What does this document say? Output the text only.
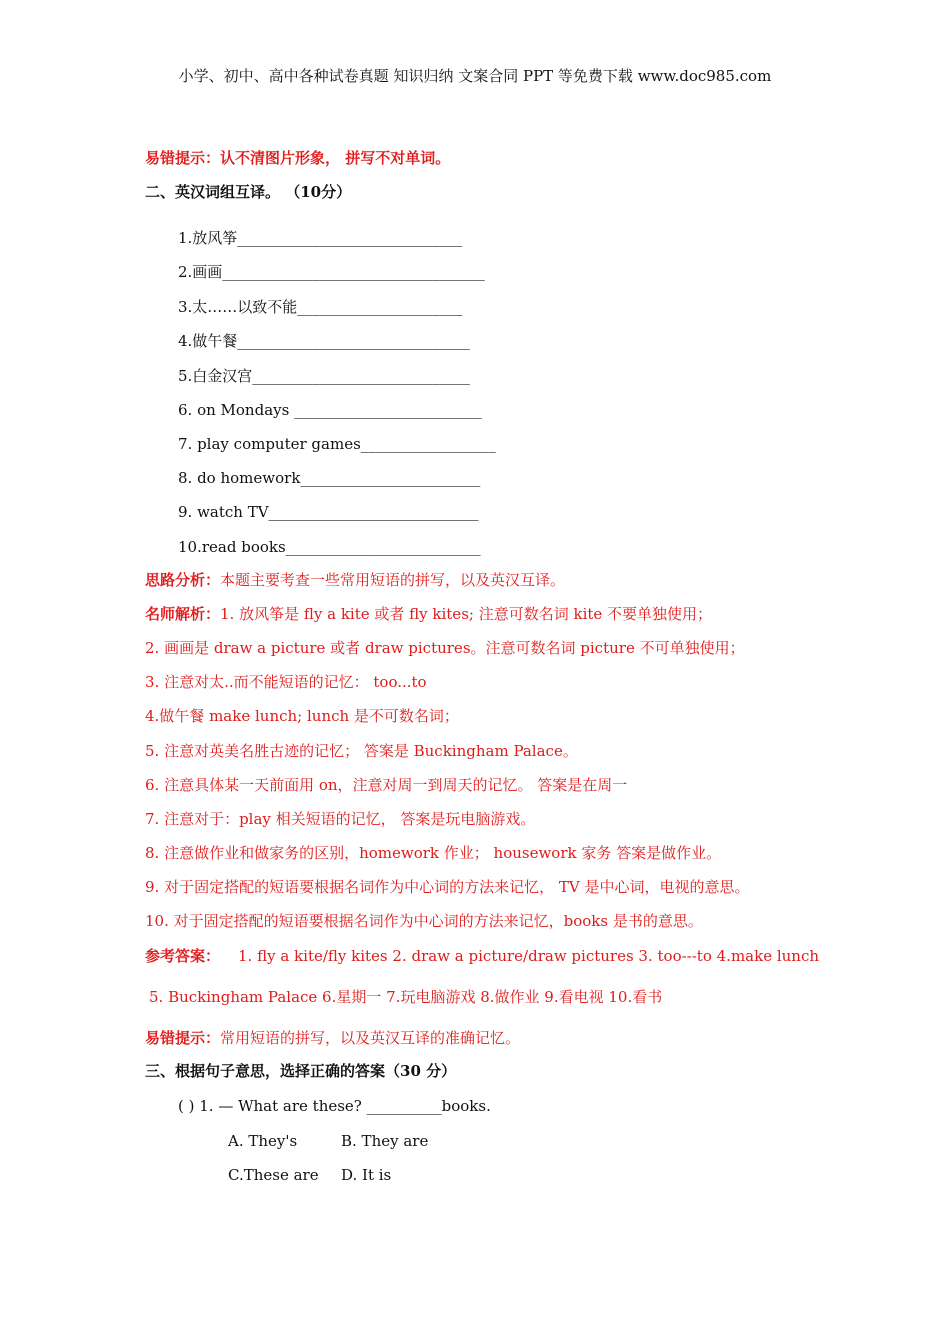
小学、初中、高中各种试卷真题 知识归纳 文案合同 PPT 等免费下载 www.doc985.com
易错提示：认不清图片形象， 拼写不对单词。
二、英汉词组互译。 （10分）
1.放风筝______________________________
2.画画___________________________________
3.太……以致不能______________________
4.做午餐_______________________________
5.白金汉宫_____________________________
6. on Mondays _________________________
7. play computer games__________________
8. do homework________________________
9. watch TV____________________________
10.read books__________________________
思路分析：本题主要考查一些常用短语的拼写，以及英汉互译。
名师解析：1. 放风筝是 fly a kite 或者 fly kites; 注意可数名词 kite 不要单独使用；
2. 画画是 draw a picture 或者 draw pictures。注意可数名词 picture 不可单独使用；
3. 注意对太..而不能短语的记忆： too...to
4.做午餐 make lunch; lunch 是不可数名词；
5. 注意对英美名胜古迹的记忆； 答案是 Buckingham Palace。
6. 注意具体某一天前面用 on，注意对周一到周天的记忆。 答案是在周一
7. 注意对于：play 相关短语的记忆， 答案是玩电脑游戏。
8. 注意做作业和做家务的区别，homework 作业； housework 家务 答案是做作业。
9. 对于固定搭配的短语要根据名词作为中心词的方法来记忆， TV 是中心词，电视的意思。
10. 对于固定搭配的短语要根据名词作为中心词的方法来记忆，books 是书的意思。
参考答案： 1. fly a kite/fly kites 2. draw a picture/draw pictures 3. too---to 4.make lunch
5. Buckingham Palace 6.星期一 7.玩电脑游戏 8.做作业 9.看电视 10.看书
易错提示：常用短语的拼写，以及英汉互译的准确记忆。
三、根据句子意思，选择正确的答案（30 分）
( ) 1. — What are these? __________books.
A. They's	B. They are
C.These are D. It is
